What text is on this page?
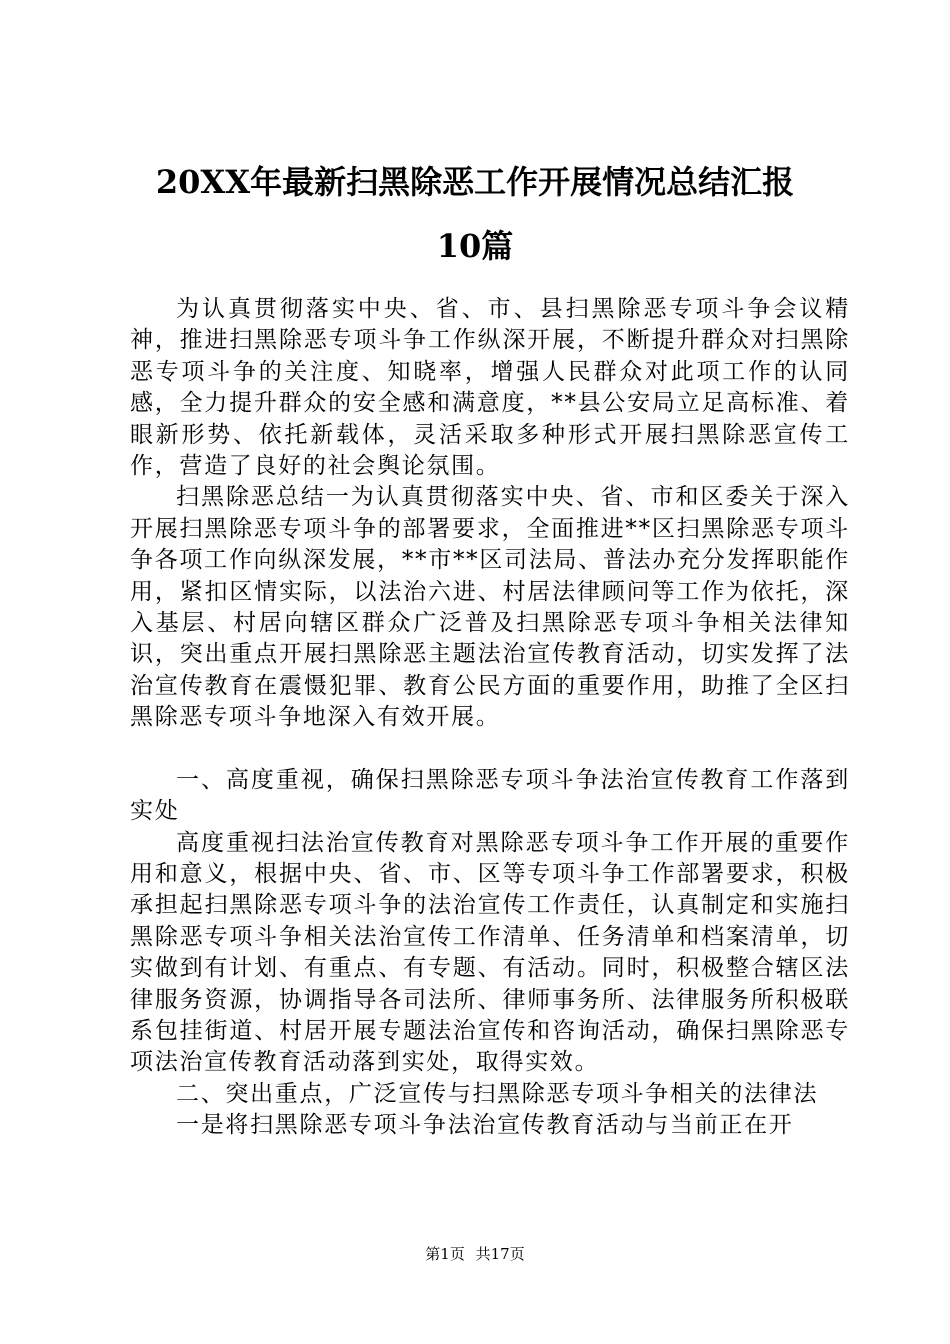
20XX年最新扫黑除恶工作开展情况总结汇报
10篇

为认真贯彻落实中央、省、市、县扫黑除恶专项斗争会议精神，推进扫黑除恶专项斗争工作纵深开展，不断提升群众对扫黑除恶专项斗争的关注度、知晓率，增强人民群众对此项工作的认同感，全力提升群众的安全感和满意度，**县公安局立足高标准、着眼新形势、依托新载体，灵活采取多种形式开展扫黑除恶宣传工作，营造了良好的社会舆论氛围。

扫黑除恶总结一为认真贯彻落实中央、省、市和区委关于深入开展扫黑除恶专项斗争的部署要求，全面推进**区扫黑除恶专项斗争各项工作向纵深发展，**市**区司法局、普法办充分发挥职能作用，紧扣区情实际，以法治六进、村居法律顾问等工作为依托，深入基层、村居向辖区群众广泛普及扫黑除恶专项斗争相关法律知识，突出重点开展扫黑除恶主题法治宣传教育活动，切实发挥了法治宣传教育在震慑犯罪、教育公民方面的重要作用，助推了全区扫黑除恶专项斗争地深入有效开展。

一、高度重视，确保扫黑除恶专项斗争法治宣传教育工作落到实处

高度重视扫法治宣传教育对黑除恶专项斗争工作开展的重要作用和意义，根据中央、省、市、区等专项斗争工作部署要求，积极承担起扫黑除恶专项斗争的法治宣传工作责任，认真制定和实施扫黑除恶专项斗争相关法治宣传工作清单、任务清单和档案清单，切实做到有计划、有重点、有专题、有活动。同时，积极整合辖区法律服务资源，协调指导各司法所、律师事务所、法律服务所积极联系包挂街道、村居开展专题法治宣传和咨询活动，确保扫黑除恶专项法治宣传教育活动落到实处，取得实效。

二、突出重点，广泛宣传与扫黑除恶专项斗争相关的法律法

一是将扫黑除恶专项斗争法治宣传教育活动与当前正在开

第1页 共17页
